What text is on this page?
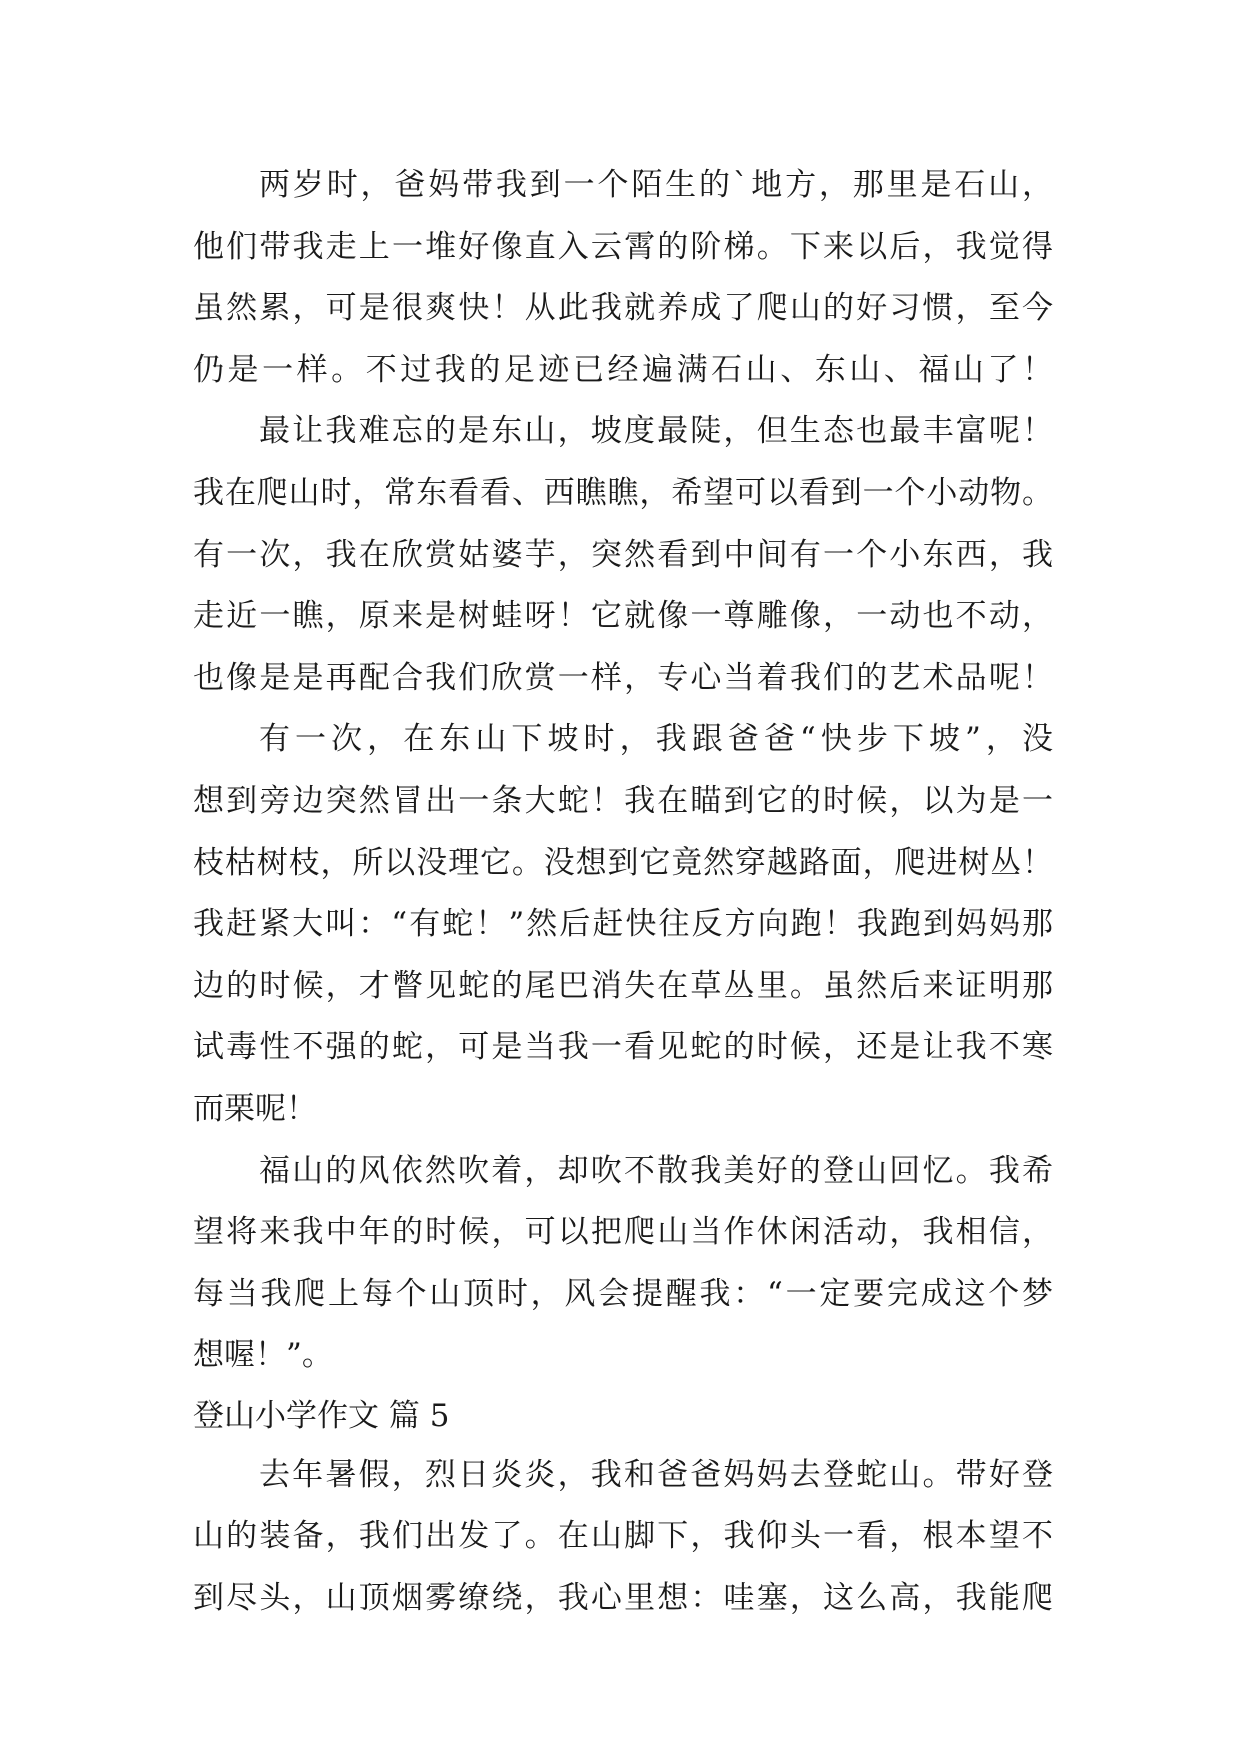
两岁时，爸妈带我到一个陌生的`地方，那里是石山，
他们带我走上一堆好像直入云霄的阶梯。下来以后，我觉得
虽然累，可是很爽快！从此我就养成了爬山的好习惯，至今
仍是一样。不过我的足迹已经遍满石山、东山、福山了！
最让我难忘的是东山，坡度最陡，但生态也最丰富呢！
我在爬山时，常东看看、西瞧瞧，希望可以看到一个小动物。
有一次，我在欣赏姑婆芋，突然看到中间有一个小东西，我
走近一瞧，原来是树蛙呀！它就像一尊雕像，一动也不动，
也像是是再配合我们欣赏一样，专心当着我们的艺术品呢！
有一次，在东山下坡时，我跟爸爸“快步下坡”，没
想到旁边突然冒出一条大蛇！我在瞄到它的时候，以为是一
枝枯树枝，所以没理它。没想到它竟然穿越路面，爬进树丛！
我赶紧大叫：“有蛇！”然后赶快往反方向跑！我跑到妈妈那
边的时候，才瞥见蛇的尾巴消失在草丛里。虽然后来证明那
试毒性不强的蛇，可是当我一看见蛇的时候，还是让我不寒
而栗呢！
福山的风依然吹着，却吹不散我美好的登山回忆。我希
望将来我中年的时候，可以把爬山当作休闲活动，我相信，
每当我爬上每个山顶时，风会提醒我：“一定要完成这个梦
想喔！”。
登山小学作文 篇 5
去年暑假，烈日炎炎，我和爸爸妈妈去登蛇山。带好登
山的装备，我们出发了。在山脚下，我仰头一看，根本望不
到尽头，山顶烟雾缭绕，我心里想：哇塞，这么高，我能爬
